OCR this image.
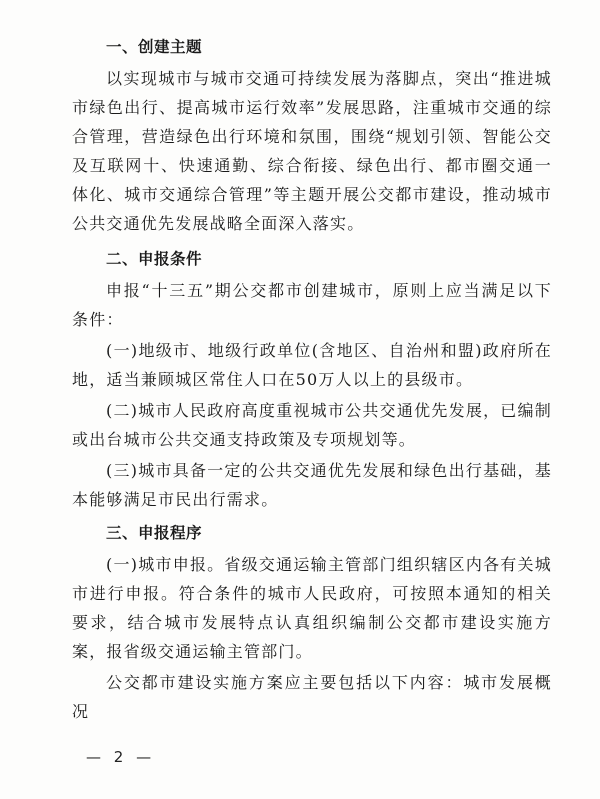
一、创建主题

以实现城市与城市交通可持续发展为落脚点，突出“推进城市绿色出行、提高城市运行效率”发展思路，注重城市交通的综合管理，营造绿色出行环境和氛围，围绕“规划引领、智能公交及互联网十、快速通勤、综合衔接、绿色出行、都市圈交通一体化、城市交通综合管理”等主题开展公交都市建设，推动城市公共交通优先发展战略全面深入落实。

二、申报条件

申报“十三五”期公交都市创建城市，原则上应当满足以下条件：

(一)地级市、地级行政单位(含地区、自治州和盟)政府所在地，适当兼顾城区常住人口在50万人以上的县级市。

(二)城市人民政府高度重视城市公共交通优先发展，已编制或出台城市公共交通支持政策及专项规划等。

(三)城市具备一定的公共交通优先发展和绿色出行基础，基本能够满足市民出行需求。

三、申报程序

(一)城市申报。省级交通运输主管部门组织辖区内各有关城市进行申报。符合条件的城市人民政府，可按照本通知的相关要求，结合城市发展特点认真组织编制公交都市建设实施方案，报省级交通运输主管部门。

公交都市建设实施方案应主要包括以下内容：城市发展概况

— 2 —
